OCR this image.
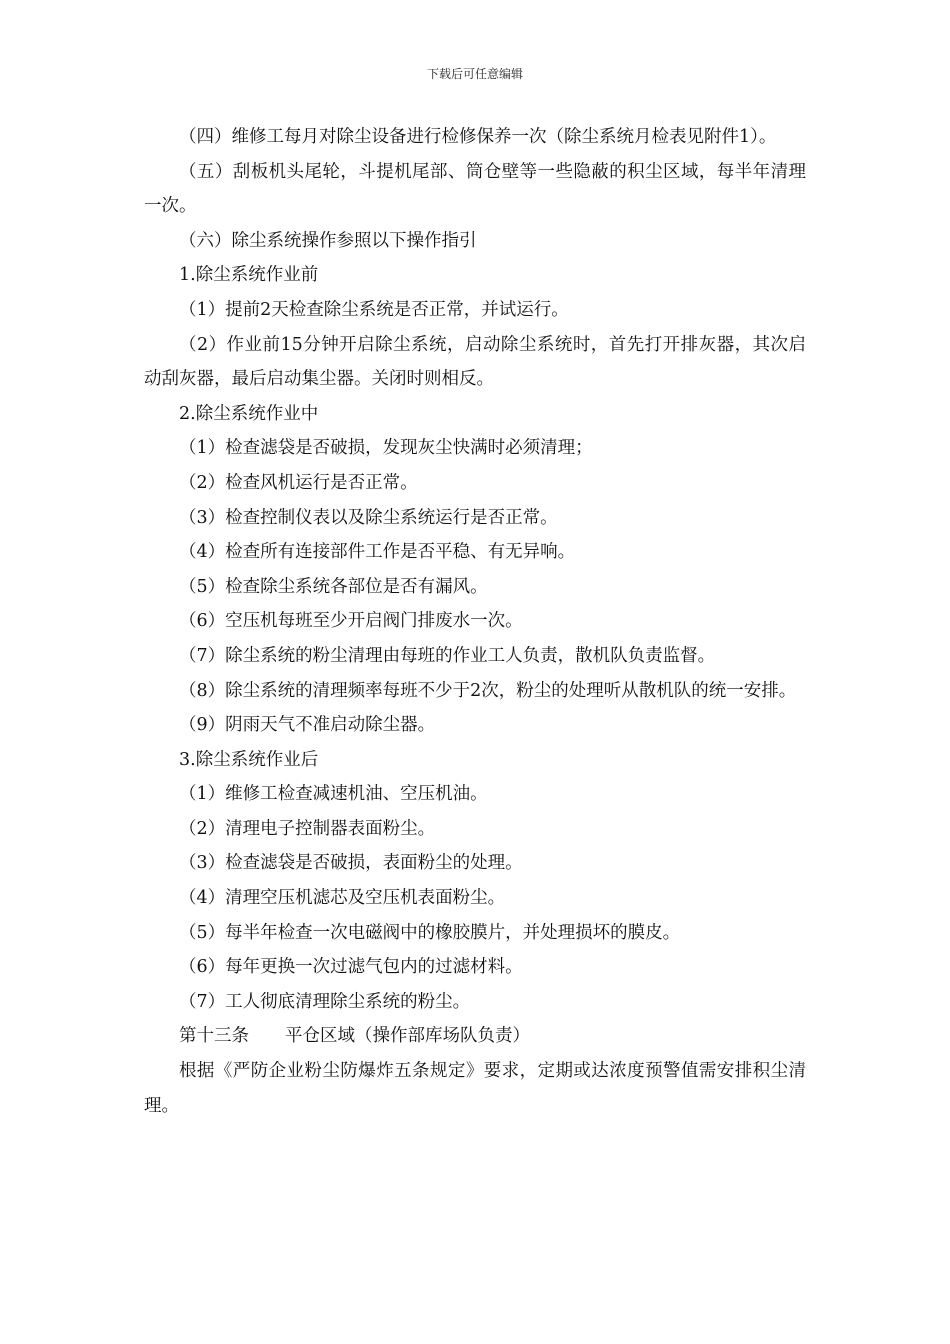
下载后可任意编辑

（四）维修工每月对除尘设备进行检修保养一次（除尘系统月检表见附件1）。

（五）刮板机头尾轮，斗提机尾部、筒仓壁等一些隐蔽的积尘区域，每半年清理一次。

（六）除尘系统操作参照以下操作指引

1.除尘系统作业前

（1）提前2天检查除尘系统是否正常，并试运行。

（2）作业前15分钟开启除尘系统，启动除尘系统时，首先打开排灰器，其次启动刮灰器，最后启动集尘器。关闭时则相反。

2.除尘系统作业中

（1）检查滤袋是否破损，发现灰尘快满时必须清理；

（2）检查风机运行是否正常。

（3）检查控制仪表以及除尘系统运行是否正常。

（4）检查所有连接部件工作是否平稳、有无异响。

（5）检查除尘系统各部位是否有漏风。

（6）空压机每班至少开启阀门排废水一次。

（7）除尘系统的粉尘清理由每班的作业工人负责，散机队负责监督。

（8）除尘系统的清理频率每班不少于2次，粉尘的处理听从散机队的统一安排。

（9）阴雨天气不准启动除尘器。

3.除尘系统作业后

（1）维修工检查减速机油、空压机油。

（2）清理电子控制器表面粉尘。

（3）检查滤袋是否破损，表面粉尘的处理。

（4）清理空压机滤芯及空压机表面粉尘。

（5）每半年检查一次电磁阀中的橡胶膜片，并处理损坏的膜皮。

（6）每年更换一次过滤气包内的过滤材料。

（7）工人彻底清理除尘系统的粉尘。

第十三条 平仓区域（操作部库场队负责）

根据《严防企业粉尘防爆炸五条规定》要求，定期或达浓度预警值需安排积尘清理。
